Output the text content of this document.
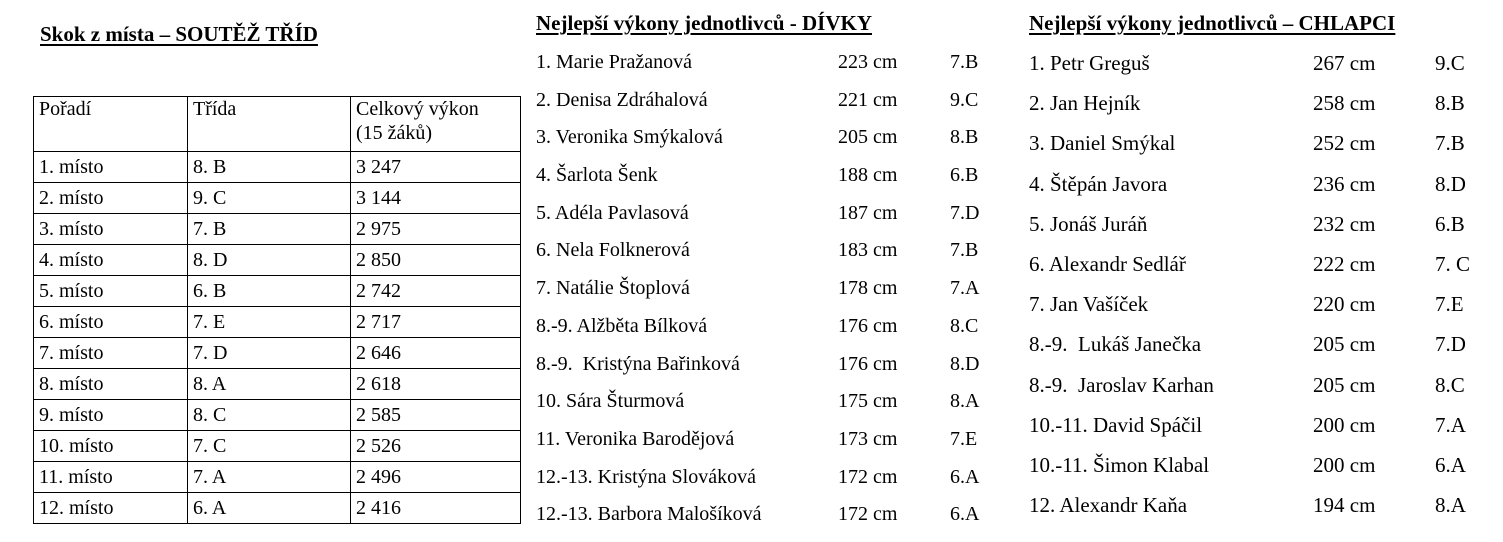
Skok z místa – SOUTĚŽ TŘÍD
Pořadí	Třída	Celkový výkon
(15 žáků)
1. místo	8. B	3 247
2. místo	9. C	3 144
3. místo	7. B	2 975
4. místo	8. D	2 850
5. místo	6. B	2 742
6. místo	7. E	2 717
7. místo	7. D	2 646
8. místo	8. A	2 618
9. místo	8. C	2 585
10. místo	7. C	2 526
11. místo	7. A	2 496
12. místo	6. A	2 416
Nejlepší výkony jednotlivců - DÍVKY
1. Marie Pražanová	223 cm	7.B
2. Denisa Zdráhalová	221 cm	9.C
3. Veronika Smýkalová	205 cm	8.B
4. Šarlota Šenk	188 cm	6.B
5. Adéla Pavlasová	187 cm	7.D
6. Nela Folknerová	183 cm	7.B
7. Natálie Štoplová	178 cm	7.A
8.-9. Alžběta Bílková	176 cm	8.C
8.-9.  Kristýna Bařinková	176 cm	8.D
10. Sára Šturmová	175 cm	8.A
11. Veronika Barodějová	173 cm	7.E
12.-13. Kristýna Slováková	172 cm	6.A
12.-13. Barbora Malošíková	172 cm	6.A
Nejlepší výkony jednotlivců – CHLAPCI
1. Petr Greguš	267 cm	9.C
2. Jan Hejník	258 cm	8.B
3. Daniel Smýkal	252 cm	7.B
4. Štěpán Javora	236 cm	8.D
5. Jonáš Juráň	232 cm	6.B
6. Alexandr Sedlář	222 cm	7. C
7. Jan Vašíček	220 cm	7.E
8.-9.  Lukáš Janečka	205 cm	7.D
8.-9.  Jaroslav Karhan	205 cm	8.C
10.-11. David Spáčil	200 cm	7.A
10.-11. Šimon Klabal	200 cm	6.A
12. Alexandr Kaňa	194 cm	8.A
